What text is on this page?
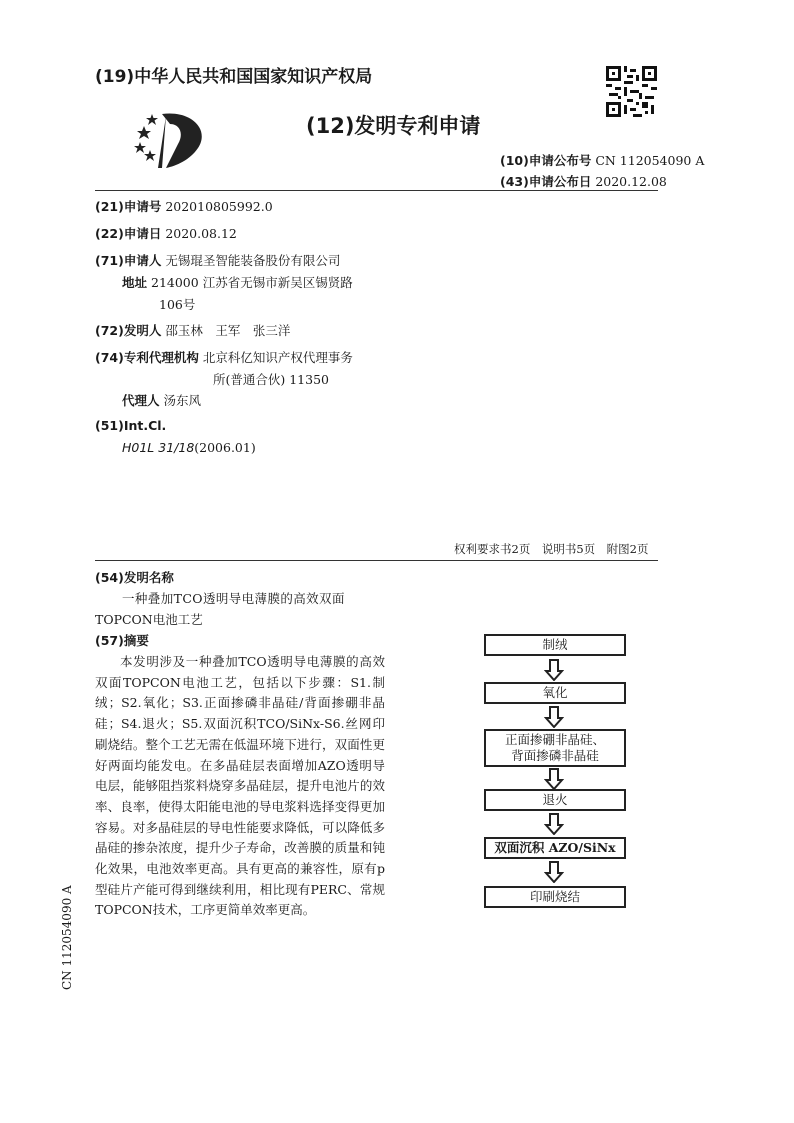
(19)中华人民共和国国家知识产权局
(12)发明专利申请
(10)申请公布号 CN 112054090 A
(43)申请公布日 2020.12.08
(21)申请号 202010805992.0
(22)申请日 2020.08.12
(71)申请人 无锡琨圣智能装备股份有限公司
地址 214000 江苏省无锡市新吴区锡贤路
106号
(72)发明人 邵玉林　王军　张三洋
(74)专利代理机构 北京科亿知识产权代理事务
所(普通合伙) 11350
代理人 汤东风
(51)Int.Cl.
H01L 31/18(2006.01)
权利要求书2页　说明书5页　附图2页
(54)发明名称
一种叠加TCO透明导电薄膜的高效双面
TOPCON电池工艺
(57)摘要
本发明涉及一种叠加TCO透明导电薄膜的高效双面TOPCON电池工艺，包括以下步骤：S1.制绒；S2.氧化；S3.正面掺磷非晶硅/背面掺硼非晶硅；S4.退火；S5.双面沉积TCO/SiNx-S6.丝网印刷烧结。整个工艺无需在低温环境下进行，双面性更好两面均能发电。在多晶硅层表面增加AZO透明导电层，能够阻挡浆料烧穿多晶硅层，提升电池片的效率、良率，使得太阳能电池的导电浆料选择变得更加容易。对多晶硅层的导电性能要求降低，可以降低多晶硅的掺杂浓度，提升少子寿命，改善膜的质量和钝化效果，电池效率更高。具有更高的兼容性，原有p型硅片产能可得到继续利用，相比现有PERC、常规TOPCON技术，工序更简单效率更高。
制绒
氧化
正面掺硼非晶硅、
背面掺磷非晶硅
退火
双面沉积 AZO/SiNx
印刷烧结
CN 112054090 A
